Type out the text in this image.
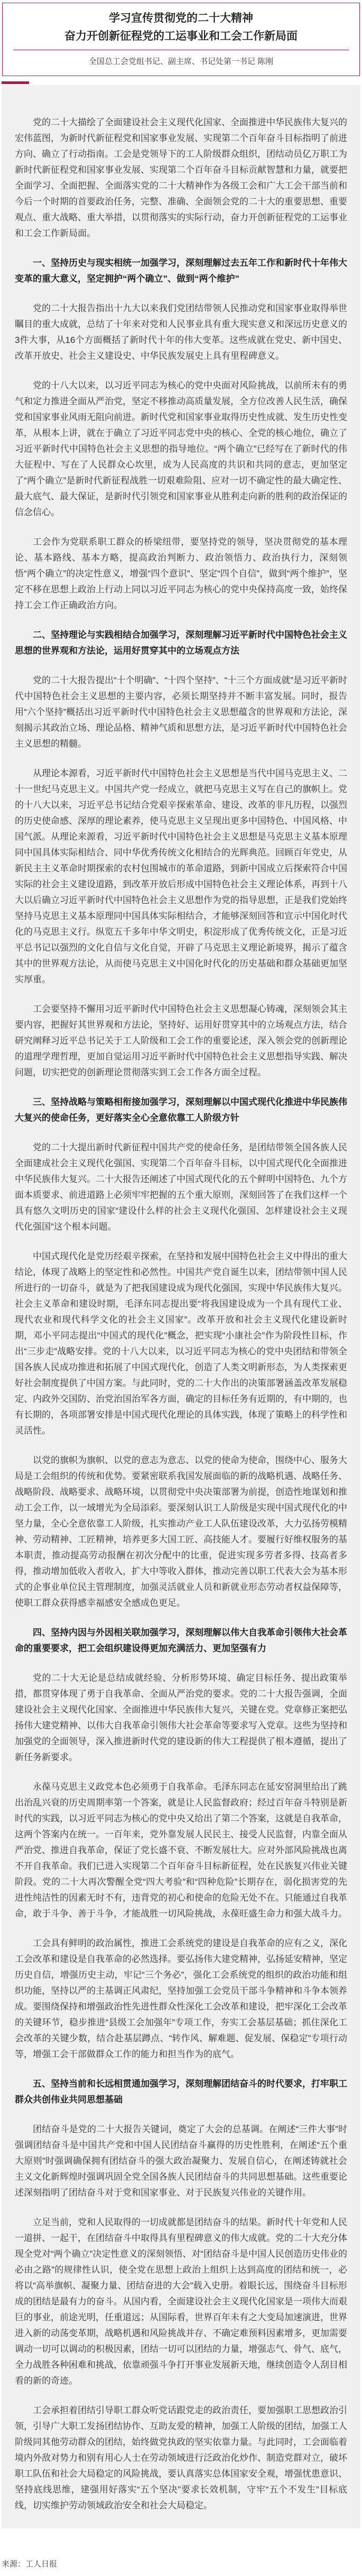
学习宣传贯彻党的二十大精神
奋力开创新征程党的工运事业和工会工作新局面
全国总工会党组书记、副主席、书记处第一书记 陈刚

党的二十大描绘了全面建设社会主义现代化国家、全面推进中华民族伟大复兴的宏伟蓝图，为新时代新征程党和国家事业发展、实现第二个百年奋斗目标指明了前进方向、确立了行动指南。工会是党领导下的工人阶级群众组织，团结动员亿万职工为新时代新征程党和国家事业发展、实现第二个百年奋斗目标贡献智慧和力量，就要把全面学习、全面把握、全面落实党的二十大精神作为各级工会和广大工会干部当前和今后一个时期的首要政治任务，完整、准确、全面领会党的二十大的重要思想、重要观点、重大战略、重大举措，以贯彻落实的实际行动，奋力开创新征程党的工运事业和工会工作新局面。

一、坚持历史与现实相统一加强学习，深刻理解过去五年工作和新时代十年伟大变革的重大意义，坚定拥护“两个确立”、做到“两个维护”

党的二十大报告指出十九大以来我们党团结带领人民推动党和国家事业取得举世瞩目的重大成就，总结了十年来对党和人民事业具有重大现实意义和深远历史意义的3件大事，从16个方面概括了新时代十年的伟大变革。这些成就在党史、新中国史、改革开放史、社会主义建设史、中华民族发展史上具有里程碑意义。

党的十八大以来，以习近平同志为核心的党中央面对风险挑战，以前所未有的勇气和定力推进全面从严治党，坚定不移推动高质量发展，全方位改善人民生活，确保党和国家事业风雨无阻向前进。新时代党和国家事业取得历史性成就、发生历史性变革，从根本上讲，就在于确立了习近平同志党中央的核心、全党的核心地位，确立了习近平新时代中国特色社会主义思想的指导地位。“两个确立”已经写在了新时代的伟大征程中、写在了人民群众心坎里，成为人民高度的共识和共同的意志，更加坚定了“两个确立”是新时代新征程战胜一切艰难险阻、应对一切不确定性的最大确定性、最大底气、最大保证，是新时代引领党和国家事业从胜利走向新的胜利的政治保证的信念信心。

工会作为党联系职工群众的桥梁纽带，要坚持党的领导，坚决贯彻党的基本理论、基本路线、基本方略，提高政治判断力、政治领悟力、政治执行力，深刻领悟“两个确立”的决定性意义，增强“四个意识”、坚定“四个自信”，做到“两个维护”，坚定不移在思想上政治上行动上同以习近平同志为核心的党中央保持高度一致，始终保持工会工作正确政治方向。

二、坚持理论与实践相结合加强学习，深刻理解习近平新时代中国特色社会主义思想的世界观和方法论，运用好贯穿其中的立场观点方法

党的二十大报告提出“十个明确”、“十四个坚持”、“十三个方面成就”是习近平新时代中国特色社会主义思想的主要内容，必须长期坚持并不断丰富发展。同时，报告用“六个坚持”概括出习近平新时代中国特色社会主义思想蕴含的世界观和方法论，深刻揭示其政治立场、理论品格、精神气质和思想方法，是习近平新时代中国特色社会主义思想的精髓。

从理论本源看，习近平新时代中国特色社会主义思想是当代中国马克思主义、二十一世纪马克思主义。中国共产党一经成立，就把马克思主义写在自己的旗帜上。党的十八大以来，习近平总书记结合党艰辛探索革命、建设、改革的非凡历程，以强烈的历史使命感、深厚的理论素养，使马克思主义呈现出更多中国特色、中国风格、中国气派。从理论来源看，习近平新时代中国特色社会主义思想是马克思主义基本原理同中国具体实际相结合、同中华优秀传统文化相结合的光辉典范。回顾百年党史，从新民主主义革命时期探索的农村包围城市的革命道路，到新中国成立后探索符合中国实际的社会主义建设道路，到改革开放后形成中国特色社会主义理论体系，再到十八大以后确立习近平新时代中国特色社会主义思想作为党的指导思想，正是我们党始终坚持马克思主义基本原理同中国具体实际相结合，才能够深刻回答和宣示中国化时代化的马克思主义行。纵览五千多年中华文明史，积淀形成了优秀传统文化，正是习近平总书记以强烈的文化自信与文化自觉，开辟了马克思主义理论新境界，揭示了蕴含其中的世界观方法论，从而使马克思主义中国化时代化的历史基础和群众基础更加坚实厚重。

工会要坚持不懈用习近平新时代中国特色社会主义思想凝心铸魂，深刻领会其主要内容，把握好其世界观和方法论，坚持好、运用好贯穿其中的立场观点方法，结合研究阐释习近平总书记关于工人阶级和工会工作的重要论述，深入领会党的创新理论的道理学理哲理，更加自觉运用习近平新时代中国特色社会主义思想指导实践、解决问题，切实把党的创新理论贯彻落实到工会工作各方面全过程。

三、坚持战略与策略相衔接加强学习，深刻理解以中国式现代化推进中华民族伟大复兴的使命任务，更好落实全心全意依靠工人阶级方针

党的二十大提出新时代新征程中国共产党的使命任务，是团结带领全国各族人民全面建成社会主义现代化强国、实现第二个百年奋斗目标，以中国式现代化全面推进中华民族伟大复兴。二十大报告还阐述了中国式现代化的五个鲜明中国特色、九个方面本质要求、前进道路上必须牢牢把握的五个重大原则，深刻回答了在我们这样一个具有悠久文明历史的国家“建设什么样的社会主义现代化强国、怎样建设社会主义现代化强国”这个根本问题。

中国式现代化是党历经艰辛探索，在坚持和发展中国特色社会主义中得出的重大结论，体现了战略上的坚定性和必然性。中国共产党自诞生以来，团结带领中国人民所进行的一切奋斗，就是为了把我国建设成为现代化强国，实现中华民族伟大复兴。社会主义革命和建设时期，毛泽东同志提出要“将我国建设成为一个具有现代工业、现代农业和现代科学文化的社会主义国家”。改革开放和社会主义现代化建设新时期，邓小平同志提出“中国式的现代化”概念，把实现“小康社会”作为阶段性目标，作出“三步走”战略安排。党的十八大以来，以习近平同志为核心的党中央团结和带领全国各族人民成功推进和拓展了中国式现代化，创造了人类文明新形态，为人类探索更好社会制度提供了中国方案。与此同时，党的二十大作出的决策部署涵盖改革发展稳定、内政外交国防、治党治国治军各方面，确定的目标任务有近期的，有中期的，也有长期的，各项部署安排是中国式现代化理论的具体实践，体现了策略上的科学性和灵活性。

以党的旗帜为旗帜、以党的意志为意志、以党的使命为使命，围绕中心、服务大局是工会组织的传统和优势。要紧密联系我国发展面临的新的战略机遇、战略任务、战略阶段、战略要求、战略环境，以贯彻党中央决策部署为前提，创造性地谋划和推动工会工作，以一域增光为全局添彩。要深刻认识工人阶级是实现中国式现代化的中坚力量，全心全意依靠工人阶级，扎实推动产业工人队伍建设改革，大力弘扬劳模精神、劳动精神、工匠精神，培养更多大国工匠、高技能人才。要履行好维权服务的基本职责，推动提高劳动报酬在初次分配中的比重，促进实现多劳者多得、技高者多得，推动增加低收入者收入，扩大中等收入群体，推动完善以职工代表大会为基本形式的企事业单位民主管理制度，加强灵活就业人员和新就业形态劳动者权益保障等，使职工群众获得感幸福感安全感成色更足。

四、坚持内因与外因相关联加强学习，深刻理解以伟大自我革命引领伟大社会革命的重要要求，把工会组织建设得更加充满活力、更加坚强有力

党的二十大无论是总结成就经验、分析形势环境、确定目标任务、提出政策举措，都贯穿体现了勇于自我革命、全面从严治党的要求。党的二十大报告强调，全面建设社会主义现代化国家、全面推进中华民族伟大复兴，关键在党。党章修正案把弘扬伟大建党精神、以伟大自我革命引领伟大社会革命等要求写入党章。这些为坚持和加强党的全面领导，深入推进新时代党的建设新的伟大工程提供了根本遵循，提出了新任务新要求。

永葆马克思主义政党本色必须勇于自我革命。毛泽东同志在延安窑洞里给出了跳出治乱兴衰的历史周期率第一个答案，就是让人民监督政府；经过百年奋斗特别是新时代的实践，以习近平同志为核心的党中央又给出了第二个答案，这就是自我革命，这两个答案内在统一。一百年来，党外靠发展人民民主、接受人民监督，内靠全面从严治党、推进自我革命，保证了党长盛不衰、不断发展壮大。应对外部风险挑战也离不开自我革命。我们已进入实现第二个百年奋斗目标新征程，处在民族复兴伟业关键阶段。党的二十大再次警醒全党“四大考验”和“四种危险”长期存在，弱化损害党的先进性纯洁性的因素无时不有，违背党的初心和使命的危险无处不在。只能通过自我革命，敢于斗争、善于斗争，才能战胜一切风险挑战，永葆旺盛生命力和强大战斗力。

工会具有鲜明的政治属性，推进工会系统党的建设是自我革命的应有之义，深化工会改革和建设是自我革命的必然选择。要弘扬伟大建党精神，弘扬延安精神，坚定历史自信，增强历史主动，牢记“三个务必”，强化工会系统党的组织的政治功能和组织功能，坚持以严的主基调正风肃纪，坚持加强工会党员干部斗争精神和斗争本领养成。要围绕保持和增强政治性先进性群众性深化工会改革和建设，把牢深化工会改革的关键环节，稳步推进“县级工会加强年”专项工作，夯实工会基层基础；抓住深化工会改革的关键少数，结合赴基层蹲点、“转作风、解难题、促发展、保稳定”专项行动等，增强工会干部做群众工作的能力和担当作为的底气。

五、坚持当前和长远相贯通加强学习，深刻理解团结奋斗的时代要求，打牢职工群众共创伟业共同思想基础

团结奋斗是党的二十大报告关键词，奠定了大会的总基调。在阐述“三件大事”时强调团结奋斗是中国共产党和中国人民团结奋斗赢得的历史性胜利，在阐述“五个重大原则”时强调确保拥有团结奋斗的强大政治凝聚力、发展自信心，在阐述铸就社会主义文化新辉煌时强调巩固全党全国各族人民团结奋斗的共同思想基础。这些重要论述深刻指明了团结奋斗对于党和国家事业、对于民族复兴伟业的关键作用。

立足当前，党和人民取得的一切成就都是团结奋斗的结果。新时代十年党和人民一道拼、一起干，在团结奋斗中取得具有里程碑意义的伟大成就。党的二十大充分体现全党对“两个确立”决定性意义的深刻领悟、对“团结奋斗是中国人民创造历史伟业的必由之路”的规律性认识，使全党在思想上政治上组织上达到高度的团结和统一，必将以“高举旗帜、凝聚力量、团结奋进的大会”载入史册。着眼长远，围绕奋斗目标形成的团结是最有力的奋斗。从国内看，全面建设社会主义现代化国家是一项伟大而艰巨的事业，前途光明，任重道远；从国际看，世界百年未有之大变局加速演进，世界进入新的动荡变革期，战略机遇和风险挑战并存、不确定难预料因素增多，更加需要调动一切可以调动的积极因素，团结一切可以团结的力量，增强志气、骨气、底气，全力战胜各种困难和挑战，依靠顽强斗争打开事业发展新天地，继续创造令人刮目相看的新的奇迹。

工会承担着团结引导职工群众听党话跟党走的政治责任，要加强职工思想政治引领，引导广大职工发扬团结协作、互助友爱的精神，加强工人阶级的团结，加强工人阶级同其他劳动群众的团结，始终做党执政的坚实依靠力量。与此同时，工会面临着境内外敌对势力和别有用心人士在劳动领域进行泛政治化炒作、制造党群对立，破坏职工队伍和社会大局稳定的风险挑战，要认真落实总体国家安全观，增强忧患意识、坚持底线思维，建强用好落实“五个坚决”要求长效机制，守牢“五个不发生”目标底线，切实维护劳动领域政治安全和社会大局稳定。

来源：工人日报
